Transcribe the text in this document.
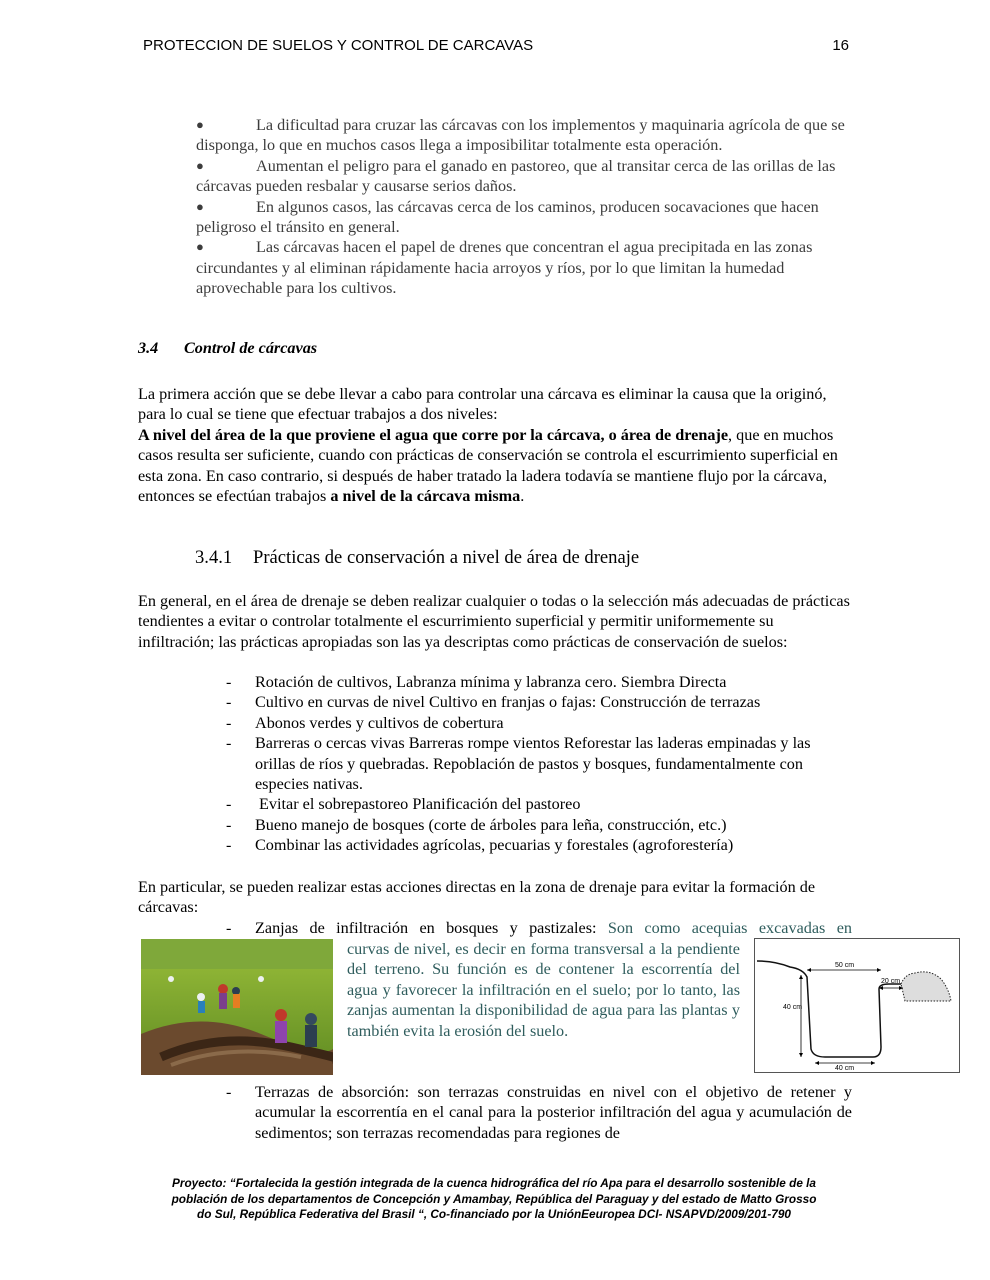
PROTECCION DE SUELOS Y CONTROL DE CARCAVAS	16
●	La dificultad para cruzar las cárcavas con los implementos y maquinaria agrícola de que se disponga, lo que en muchos casos llega a imposibilitar totalmente esta operación.
●	Aumentan el peligro para el ganado en pastoreo, que al transitar cerca de las orillas de las cárcavas pueden resbalar y causarse serios daños.
●	En algunos casos, las cárcavas cerca de los caminos, producen socavaciones que hacen peligroso el tránsito en general.
●	Las cárcavas hacen el papel de drenes que concentran el agua precipitada en las zonas circundantes y al eliminan rápidamente hacia arroyos y ríos, por lo que limitan la humedad aprovechable para los cultivos.
3.4 Control de cárcavas
La primera acción que se debe llevar a cabo para controlar una cárcava es eliminar la causa que la originó, para lo cual se tiene que efectuar trabajos a dos niveles:
A nivel del área de la que proviene el agua que corre por la cárcava, o área de drenaje, que en muchos casos resulta ser suficiente, cuando con prácticas de conservación se controla el escurrimiento superficial en esta zona. En caso contrario, si después de haber tratado la ladera todavía se mantiene flujo por la cárcava, entonces se efectúan trabajos a nivel de la cárcava misma.
3.4.1 Prácticas de conservación a nivel de área de drenaje
En general, en el área de drenaje se deben realizar cualquier o todas o la selección más adecuadas de prácticas tendientes a evitar o controlar totalmente el escurrimiento superficial y permitir uniformemente su infiltración; las prácticas apropiadas son las ya descriptas como prácticas de conservación de suelos:
- Rotación de cultivos, Labranza mínima y labranza cero. Siembra Directa
- Cultivo en curvas de nivel Cultivo en franjas o fajas: Construcción de terrazas
- Abonos verdes y cultivos de cobertura
- Barreras o cercas vivas Barreras rompe vientos Reforestar las laderas empinadas y las orillas de ríos y quebradas. Repoblación de pastos y bosques, fundamentalmente con especies nativas.
- Evitar el sobrepastoreo Planificación del pastoreo
- Bueno manejo de bosques (corte de árboles para leña, construcción, etc.)
- Combinar las actividades agrícolas, pecuarias y forestales (agroforestería)
En particular, se pueden realizar estas acciones directas en la zona de drenaje para evitar la formación de cárcavas:
- Zanjas de infiltración en bosques y pastizales: Son como acequias excavadas en
curvas de nivel, es decir en forma transversal a la pendiente del terreno. Su función es de contener la escorrentía del agua y favorecer la infiltración en el suelo; por lo tanto, las zanjas aumentan la disponibilidad de agua para las plantas y también evita la erosión del suelo.
50 cm
20 cm
40 cm
40 cm
- Terrazas de absorción: son terrazas construidas en nivel con el objetivo de retener y acumular la escorrentía en el canal para la posterior infiltración del agua y acumulación de sedimentos; son terrazas recomendadas para regiones de
Proyecto: “Fortalecida la gestión integrada de la cuenca hidrográfica del río Apa para el desarrollo sostenible de la
población de los departamentos de Concepción y Amambay, República del Paraguay y del estado de Matto Grosso
do Sul, República Federativa del Brasil “, Co-financiado por la UniónEeuropea DCI- NSAPVD/2009/201-790
